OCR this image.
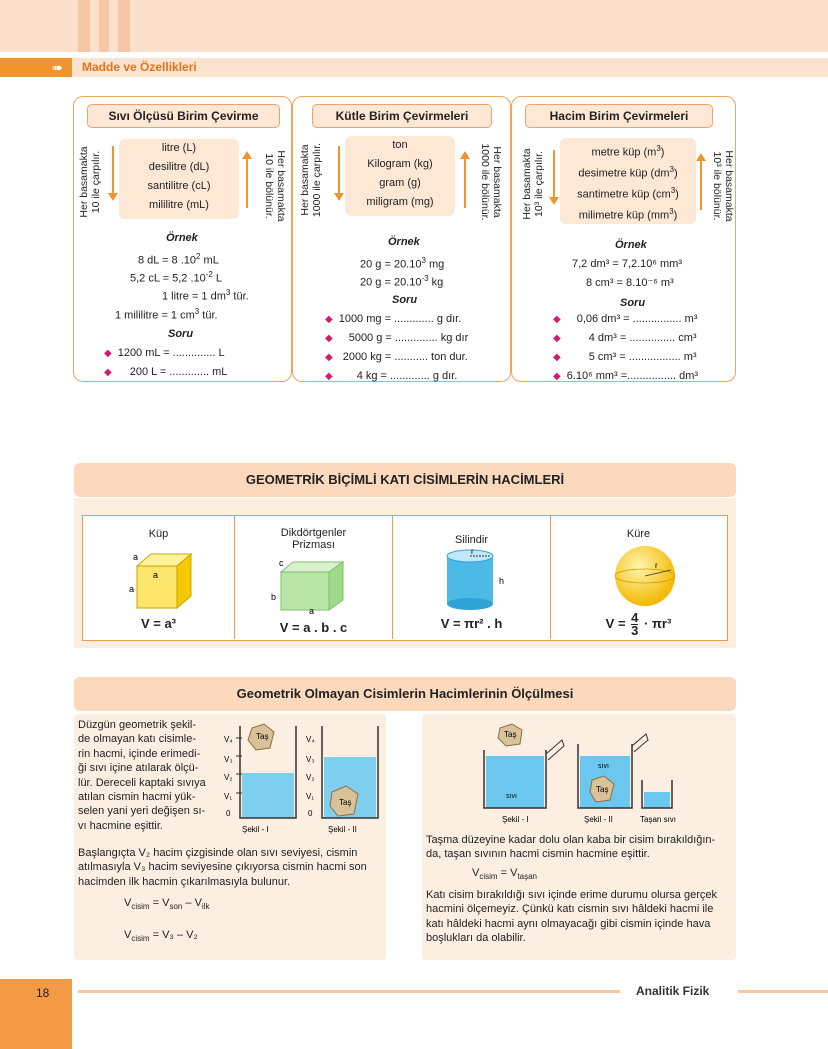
➠ Madde ve Özellikleri
Sıvı Ölçüsü Birim Çevirme
litre (L)
desilitre (dL)
santilitre (cL)
mililitre (mL)
Her basamakta
10 ile çarpılır.	Her basamakta
10 ile bölünür.
Örnek
8 dL = 8 $.10^2$ mL
5,2 cL = 5,2 $.10^{-2}$ L
1 litre = 1 $dm^3$ tür.
1 mililitre = 1 $cm^3$ tür.
Soru
◆ 1200 mL = .............. L
◆ 200 L = ............. mL
Kütle Birim Çevirmeleri
ton
Kilogram (kg)
gram (g)
miligram (mg)
Her basamakta
1000 ile çarpılır.	Her basamakta
1000 ile bölünür.
Örnek
20 $g = 20.10^3$ mg
20 $g = 20.10^{-3}$ kg
Soru
◆ 1000 mg = ............. g dır.
◆ 5000 g = .............. kg dır
◆ 2000 kg = ........... ton dur.
◆ 4 kg = ............. g dır.
Hacim Birim Çevirmeleri
metre küp $(m^3)$
desimetre küp $(dm^3)$
santimetre küp $(cm^3)$
milimetre küp $(mm^3)$
Her basamakta
10³ ile çarpılır.	Her basamakta
10³ ile bölünür.
Örnek
7,2 dm³ = 7,2.10⁶ mm³
8 cm³ = 8.10⁻⁶ m³
Soru
◆ 0,06 dm³ = ................ m³
◆	4 dm³ = ............... cm³
◆	5 cm³ = ................. m³
◆ 6.10⁶ mm³ =................ dm³
GEOMETRİK BİÇİMLİ KATI CİSİMLERİN HACİMLERİ
Küp
a
a
a
V = a³
Dikdörtgenler
Prizması
b
c
a
V = a . b . c
Silindir
r
h
V = πr² . h
Küre
r
$V = \frac{4}{3} \cdot \pi r^3$
Geometrik Olmayan Cisimlerin Hacimlerinin Ölçülmesi
Düzgün geometrik şekil-
de olmayan katı cisimle-
rin hacmi, içinde erimedi-
ği sıvı içine atılarak ölçü-
lür. Dereceli kaptaki sıvıya
atılan cismin hacmi yük-
selen yani yeri değişen sı-
vı hacmine eşittir.
V₄
V₃
V₂
V₁
0
Taş
Şekil - I
V₄
V₃
V₂
V₁
0
Taş
Şekil - II
Başlangıçta V₂ hacim çizgisinde olan sıvı seviyesi, cismin
atılmasıyla V₃ hacim seviyesine çıkıyorsa cismin hacmi son
hacimden ilk hacmin çıkarılmasıyla bulunur.
$V_{cisim} = V_{son} - V_{ilk}$
$V_{cisim} = V_3 - V_2$
Taş
sıvı
Şekil - I
sıvı
Taş
Şekil - II	Taşan sıvı
Taşma düzeyine kadar dolu olan kaba bir cisim bırakıldığın-
da, taşan sıvının hacmi cismin hacmine eşittir.
$V_{cisim} = V_{taşan}$
Katı cisim bırakıldığı sıvı içinde erime durumu olursa gerçek
hacmini ölçemeyiz. Çünkü katı cismin sıvı hâldeki hacmi ile
katı hâldeki hacmi aynı olmayacağı gibi cismin içinde hava
boşlukları da olabilir.
18	Analitik Fizik
